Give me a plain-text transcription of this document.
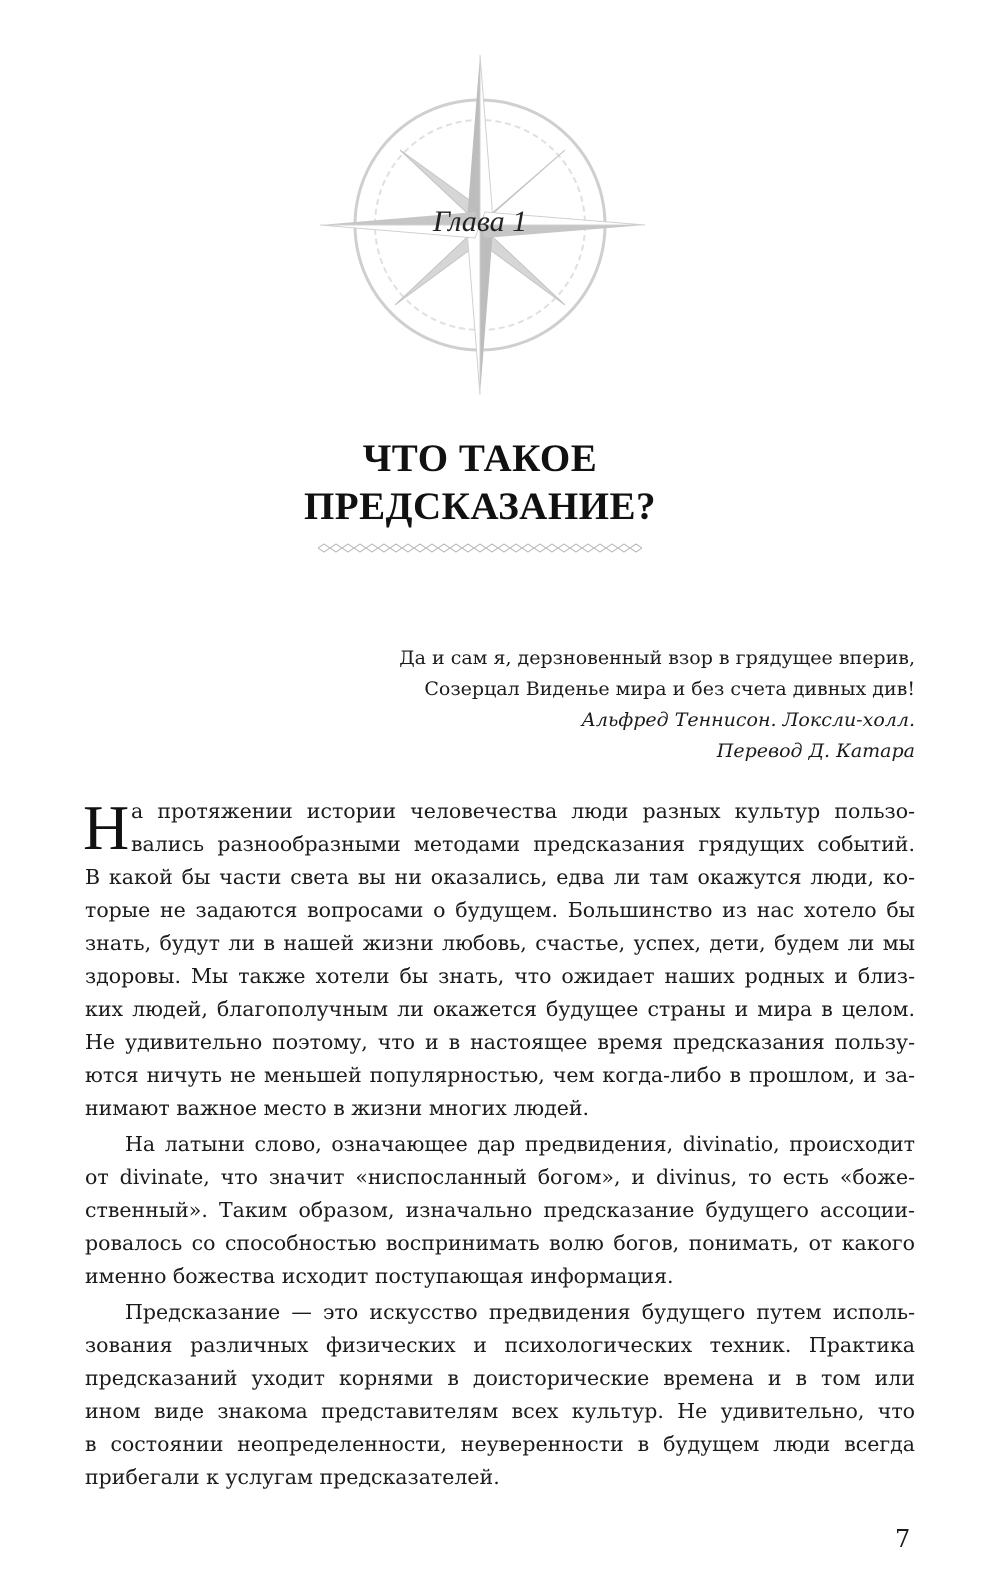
Глава 1
ЧТО ТАКОЕ
ПРЕДСКАЗАНИЕ?
Да и сам я, дерзновенный взор в грядущее вперив,
Созерцал Виденье мира и без счета дивных див!
Альфред Теннисон. Локсли-холл.
Перевод Д. Катара
Н а протяжении истории человечества люди разных культур пользо-
вались разнообразными методами предсказания грядущих событий.
В какой бы части света вы ни оказались, едва ли там окажутся люди, ко-
торые не задаются вопросами о будущем. Большинство из нас хотело бы
знать, будут ли в нашей жизни любовь, счастье, успех, дети, будем ли мы
здоровы. Мы также хотели бы знать, что ожидает наших родных и близ-
ких людей, благополучным ли окажется будущее страны и мира в целом.
Не удивительно поэтому, что и в настоящее время предсказания пользу-
ются ничуть не меньшей популярностью, чем когда-либо в прошлом, и за-
нимают важное место в жизни многих людей.
На латыни слово, означающее дар предвидения, divinatio, происходит
от divinate, что значит «ниспосланный богом», и divinus, то есть «боже-
ственный». Таким образом, изначально предсказание будущего ассоции-
ровалось со способностью воспринимать волю богов, понимать, от какого
именно божества исходит поступающая информация.
Предсказание — это искусство предвидения будущего путем исполь-
зования различных физических и психологических техник. Практика
предсказаний уходит корнями в доисторические времена и в том или
ином виде знакома представителям всех культур. Не удивительно, что
в состоянии неопределенности, неуверенности в будущем люди всегда
прибегали к услугам предсказателей.
7
